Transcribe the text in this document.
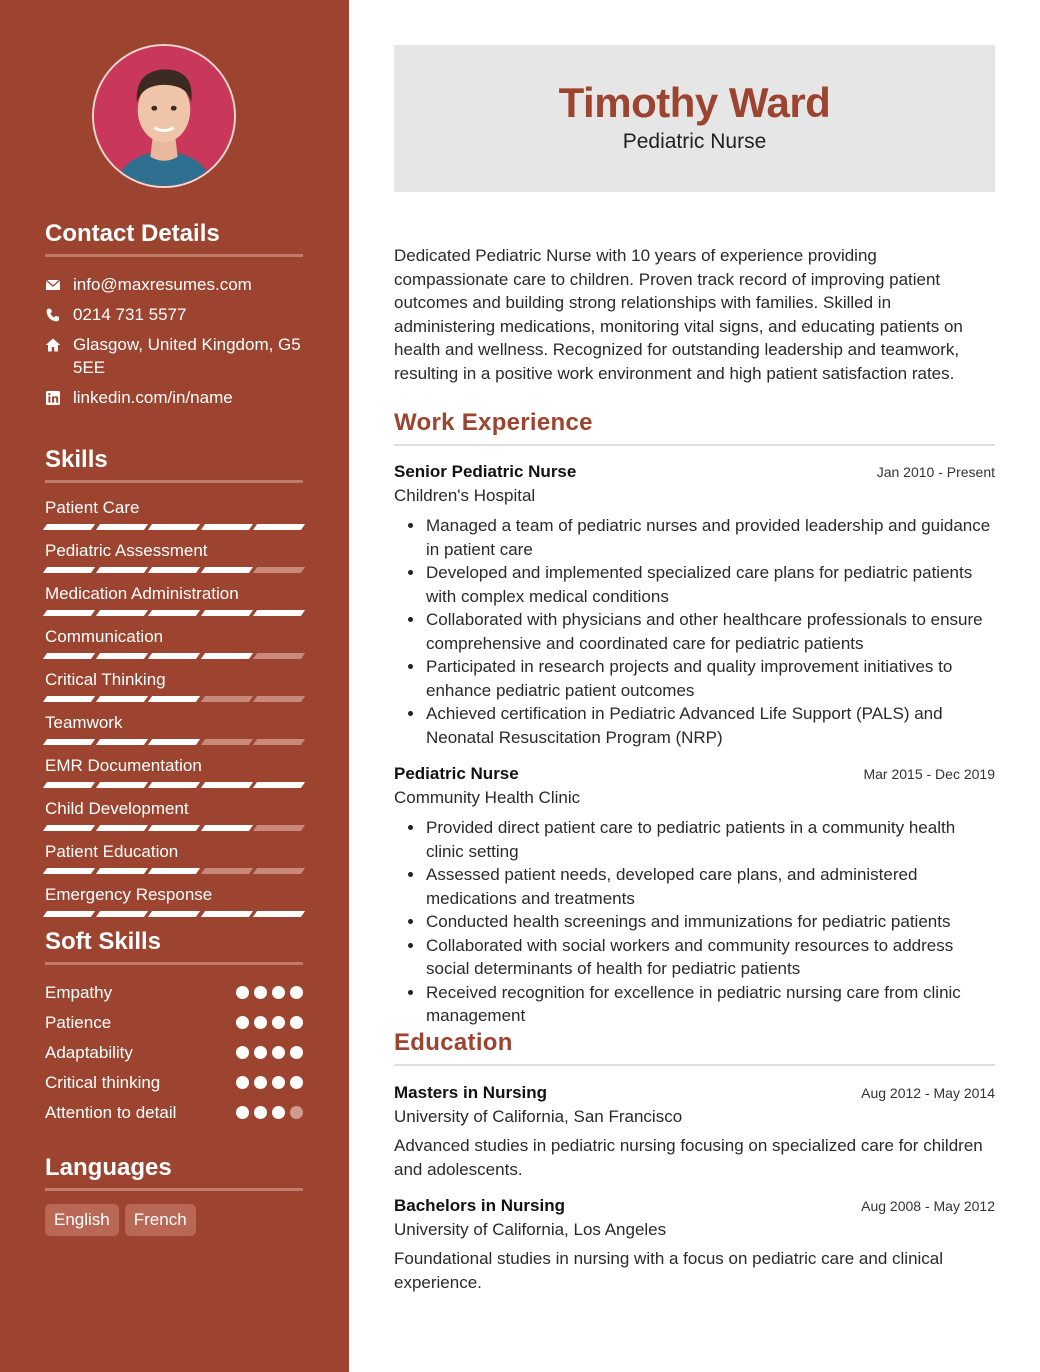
Contact Details
info@maxresumes.com
0214 731 5577
Glasgow, United Kingdom, G5 5EE
linkedin.com/in/name
Skills
Patient Care
Pediatric Assessment
Medication Administration
Communication
Critical Thinking
Teamwork
EMR Documentation
Child Development
Patient Education
Emergency Response
Soft Skills
Empathy
Patience
Adaptability
Critical thinking
Attention to detail
Languages
English	French
Timothy Ward
Pediatric Nurse

Dedicated Pediatric Nurse with 10 years of experience providing compassionate care to children. Proven track record of improving patient outcomes and building strong relationships with families. Skilled in administering medications, monitoring vital signs, and educating patients on health and wellness. Recognized for outstanding leadership and teamwork, resulting in a positive work environment and high patient satisfaction rates.

Work Experience
Senior Pediatric Nurse	Jan 2010 - Present
Children's Hospital
Managed a team of pediatric nurses and provided leadership and guidance in patient care
Developed and implemented specialized care plans for pediatric patients with complex medical conditions
Collaborated with physicians and other healthcare professionals to ensure comprehensive and coordinated care for pediatric patients
Participated in research projects and quality improvement initiatives to enhance pediatric patient outcomes
Achieved certification in Pediatric Advanced Life Support (PALS) and Neonatal Resuscitation Program (NRP)
Pediatric Nurse	Mar 2015 - Dec 2019
Community Health Clinic
Provided direct patient care to pediatric patients in a community health clinic setting
Assessed patient needs, developed care plans, and administered medications and treatments
Conducted health screenings and immunizations for pediatric patients
Collaborated with social workers and community resources to address social determinants of health for pediatric patients
Received recognition for excellence in pediatric nursing care from clinic management
Education
Masters in Nursing	Aug 2012 - May 2014
University of California, San Francisco

Advanced studies in pediatric nursing focusing on specialized care for children and adolescents.

Bachelors in Nursing	Aug 2008 - May 2012
University of California, Los Angeles

Foundational studies in nursing with a focus on pediatric care and clinical experience.
